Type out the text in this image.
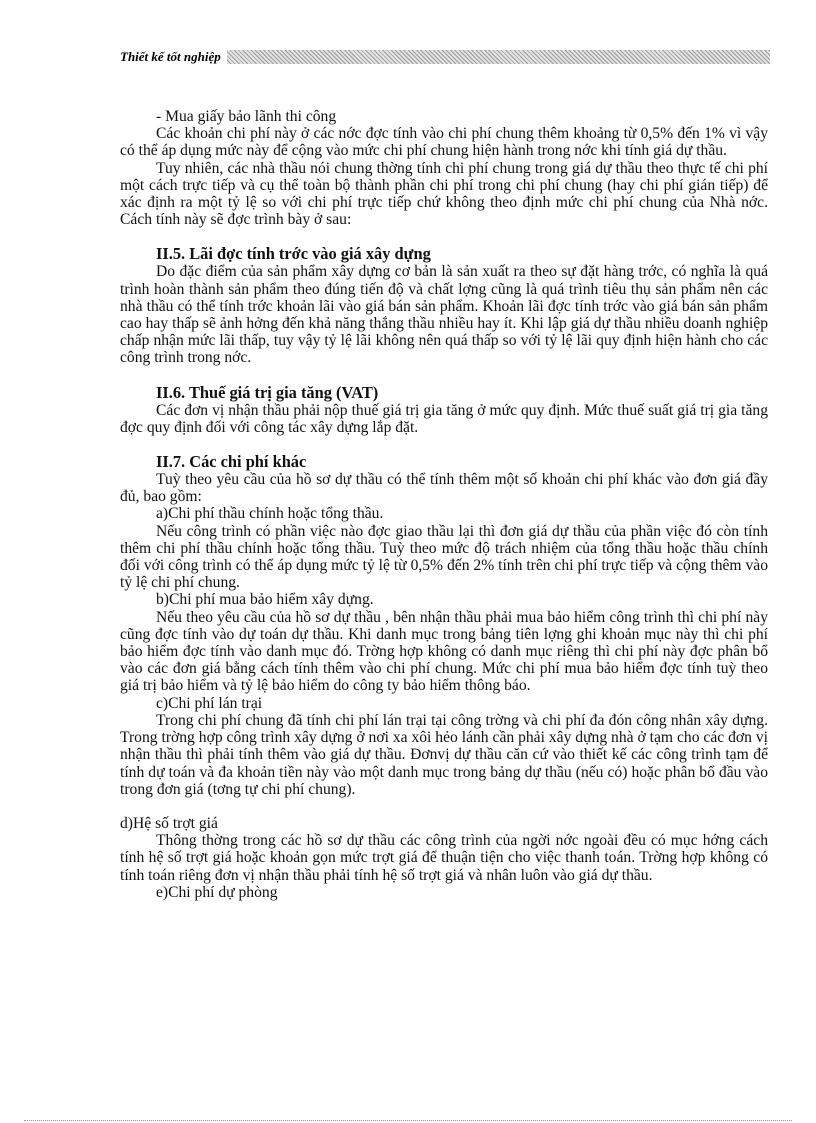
Thiết kế tốt nghiệp

- Mua giấy bảo lãnh thi công

Các khoản chi phí này ở các nớc đợc tính vào chi phí chung thêm khoảng từ 0,5% đến 1% vì vậy có thể áp dụng mức này để cộng vào mức chi phí chung hiện hành trong nớc khi tính giá dự thầu.

Tuy nhiên, các nhà thầu nói chung thờng tính chi phí chung trong giá dự thầu theo thực tế chi phí một cách trực tiếp và cụ thể toàn bộ thành phần chi phí trong chi phí chung (hay chi phí gián tiếp) để xác định ra một tỷ lệ so với chi phí trực tiếp chứ không theo định mức chi phí chung của Nhà nớc. Cách tính này sẽ đợc trình bày ở sau:

II.5. Lãi đợc tính trớc vào giá xây dựng

Do đặc điểm của sản phẩm xây dựng cơ bản là sản xuất ra theo sự đặt hàng trớc, có nghĩa là quá trình hoàn thành sản phẩm theo đúng tiến độ và chất lợng cũng là quá trình tiêu thụ sản phẩm nên các nhà thầu có thể tính trớc khoản lãi vào giá bán sản phẩm. Khoản lãi đợc tính trớc vào giá bán sản phẩm cao hay thấp sẽ ảnh hởng đến khả năng thắng thầu nhiều hay ít. Khi lập giá dự thầu nhiều doanh nghiệp chấp nhận mức lãi thấp, tuy vậy tỷ lệ lãi không nên quá thấp so với tỷ lệ lãi quy định hiện hành cho các công trình trong nớc.

II.6. Thuế giá trị gia tăng (VAT)

Các đơn vị nhận thầu phải nộp thuế giá trị gia tăng ở mức quy định. Mức thuế suất giá trị gia tăng đợc quy định đối với công tác xây dựng lắp đặt.

II.7. Các chi phí khác

Tuỳ theo yêu cầu của hồ sơ dự thầu có thể tính thêm một số khoản chi phí khác vào đơn giá đầy đủ, bao gồm:

a)Chi phí thầu chính hoặc tổng thầu.

Nếu công trình có phần việc nào đợc giao thầu lại thì đơn giá dự thầu của phần việc đó còn tính thêm chi phí thầu chính hoặc tổng thầu. Tuỳ theo mức độ trách nhiệm của tổng thầu hoặc thầu chính đối với công trình có thể áp dụng mức tỷ lệ từ 0,5% đến 2% tính trên chi phí trực tiếp và cộng thêm vào tỷ lệ chi phí chung.

b)Chi phí mua bảo hiểm xây dựng.

Nếu theo yêu cầu của hồ sơ dự thầu , bên nhận thầu phải mua bảo hiểm công trình thì chi phí này cũng đợc tính vào dự toán dự thầu. Khi danh mục trong bảng tiên lợng ghi khoản mục này thì chi phí bảo hiểm đợc tính vào danh mục đó. Trờng hợp không có danh mục riêng thì chi phí này đợc phân bổ vào các đơn giá bằng cách tính thêm vào chi phí chung. Mức chi phí mua bảo hiểm đợc tính tuỳ theo giá trị bảo hiểm và tỷ lệ bảo hiểm do công ty bảo hiểm thông báo.

c)Chi phí lán trại

Trong chi phí chung đã tính chi phí lán trại tại công trờng và chi phí đa đón công nhân xây dựng. Trong trờng hợp công trình xây dựng ở nơi xa xôi hẻo lánh cần phải xây dựng nhà ở tạm cho các đơn vị nhận thầu thì phải tính thêm vào giá dự thầu. Đơnvị dự thầu căn cứ vào thiết kế các công trình tạm để tính dự toán và đa khoản tiền này vào một danh mục trong bảng dự thầu (nếu có) hoặc phân bổ đầu vào trong đơn giá (tơng tự chi phí chung).

d)Hệ số trợt giá

Thông thờng trong các hồ sơ dự thầu các công trình của ngời nớc ngoài đều có mục hớng cách tính hệ số trợt giá hoặc khoản gọn mức trợt giá để thuận tiện cho việc thanh toán. Trờng hợp không có tính toán riêng đơn vị nhận thầu phải tính hệ số trợt giá và nhân luôn vào giá dự thầu.

e)Chi phí dự phòng
